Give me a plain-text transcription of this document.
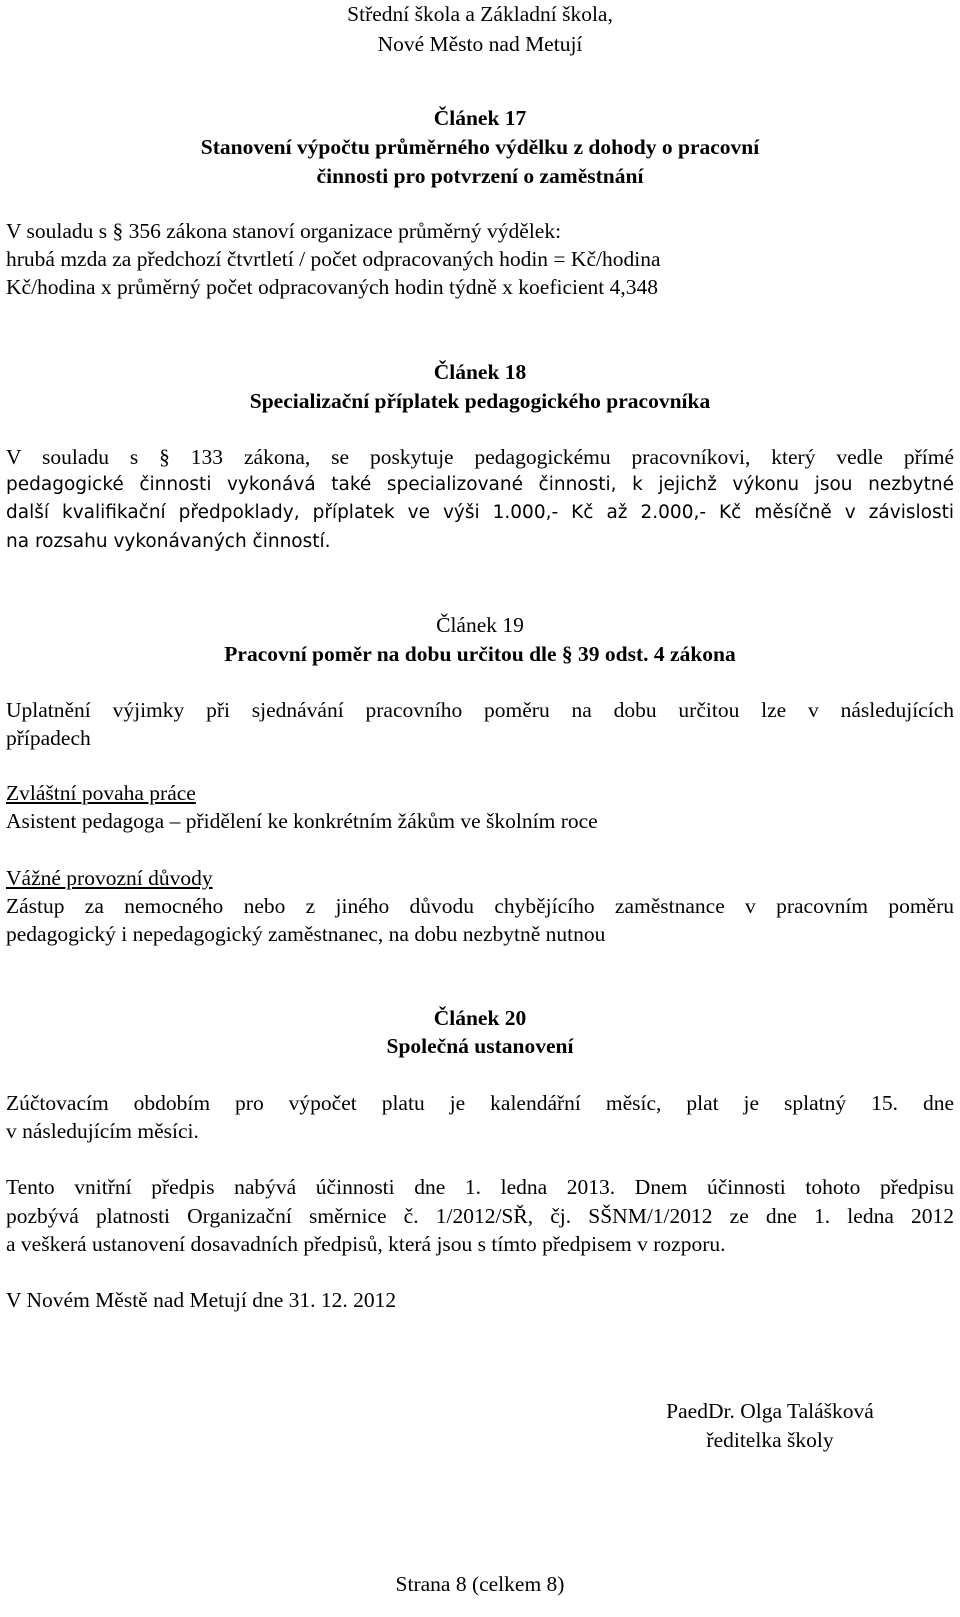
Střední škola a Základní škola,
Nové Město nad Metují
Článek 17
Stanovení výpočtu průměrného výdělku z dohody o pracovní
činnosti pro potvrzení o zaměstnání
V souladu s § 356 zákona stanoví organizace průměrný výdělek:
hrubá mzda za předchozí čtvrtletí / počet odpracovaných hodin = Kč/hodina
Kč/hodina x průměrný počet odpracovaných hodin týdně x koeficient 4,348
Článek 18
Specializační příplatek pedagogického pracovníka
V souladu s § 133 zákona, se poskytuje pedagogickému pracovníkovi, který vedle přímé
pedagogické činnosti vykonává také specializované činnosti, k jejichž výkonu jsou nezbytné
další kvalifikační předpoklady, příplatek ve výši 1.000,- Kč až 2.000,- Kč měsíčně v závislosti
na rozsahu vykonávaných činností.
Článek 19
Pracovní poměr na dobu určitou dle § 39 odst. 4 zákona
Uplatnění výjimky při sjednávání pracovního poměru na dobu určitou lze v následujících
případech
Zvláštní povaha práce
Asistent pedagoga – přidělení ke konkrétním žákům ve školním roce
Vážné provozní důvody
Zástup za nemocného nebo z jiného důvodu chybějícího zaměstnance v pracovním poměru
pedagogický i nepedagogický zaměstnanec, na dobu nezbytně nutnou
Článek 20
Společná ustanovení
Zúčtovacím obdobím pro výpočet platu je kalendářní měsíc, plat je splatný 15. dne
v následujícím měsíci.
Tento vnitřní předpis nabývá účinnosti dne 1. ledna 2013. Dnem účinnosti tohoto předpisu
pozbývá platnosti Organizační směrnice č. 1/2012/SŘ, čj. SŠNM/1/2012 ze dne 1. ledna 2012
a veškerá ustanovení dosavadních předpisů, která jsou s tímto předpisem v rozporu.
V Novém Městě nad Metují dne 31. 12. 2012
PaedDr. Olga Talášková
ředitelka školy
Strana 8 (celkem 8)
